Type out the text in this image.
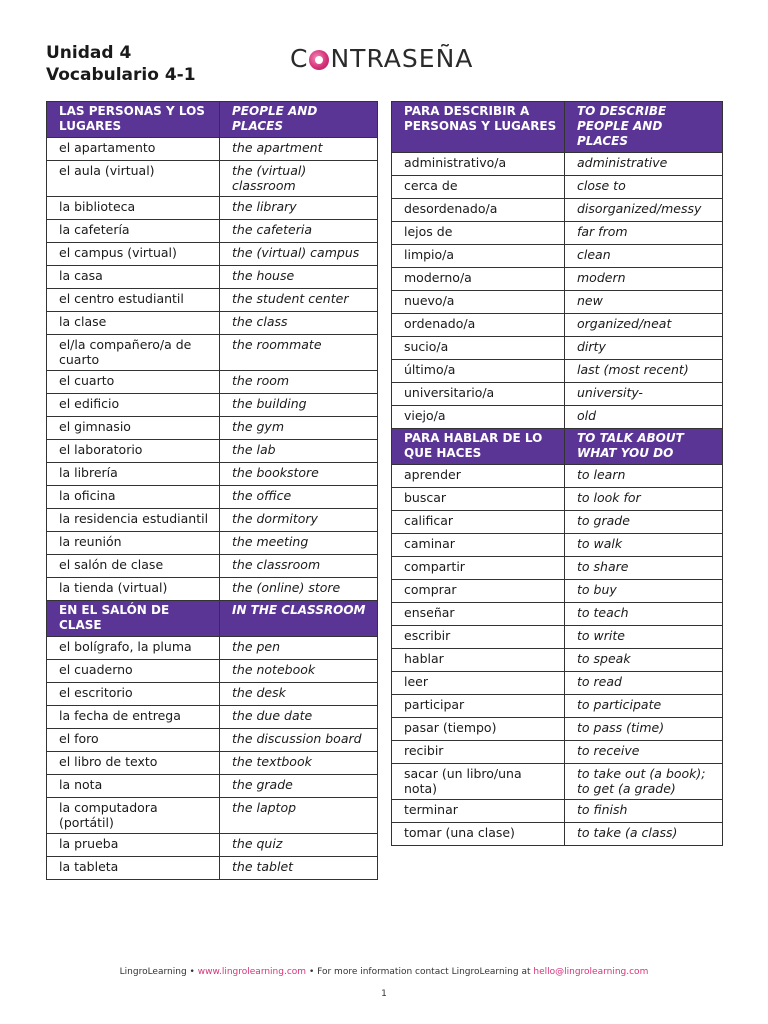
Unidad 4
Vocabulario 4-1
C NTRASEÑA
LAS PERSONAS Y LOS LUGARES	PEOPLE AND PLACES
el apartamento	the apartment
el aula (virtual)	the (virtual) classroom
la biblioteca	the library
la cafetería	the cafeteria
el campus (virtual)	the (virtual) campus
la casa	the house
el centro estudiantil	the student center
la clase	the class
el/la compañero/a de cuarto	the roommate
el cuarto	the room
el edificio	the building
el gimnasio	the gym
el laboratorio	the lab
la librería	the bookstore
la oficina	the office
la residencia estudiantil	the dormitory
la reunión	the meeting
el salón de clase	the classroom
la tienda (virtual)	the (online) store
EN EL SALÓN DE CLASE	IN THE CLASSROOM
el bolígrafo, la pluma	the pen
el cuaderno	the notebook
el escritorio	the desk
la fecha de entrega	the due date
el foro	the discussion board
el libro de texto	the textbook
la nota	the grade
la computadora (portátil)	the laptop
la prueba	the quiz
la tableta	the tablet
PARA DESCRIBIR A PERSONAS Y LUGARES	TO DESCRIBE PEOPLE AND PLACES
administrativo/a	administrative
cerca de	close to
desordenado/a	disorganized/messy
lejos de	far from
limpio/a	clean
moderno/a	modern
nuevo/a	new
ordenado/a	organized/neat
sucio/a	dirty
último/a	last (most recent)
universitario/a	university-
viejo/a	old
PARA HABLAR DE LO QUE HACES	TO TALK ABOUT WHAT YOU DO
aprender	to learn
buscar	to look for
calificar	to grade
caminar	to walk
compartir	to share
comprar	to buy
enseñar	to teach
escribir	to write
hablar	to speak
leer	to read
participar	to participate
pasar (tiempo)	to pass (time)
recibir	to receive
sacar (un libro/una nota)	to take out (a book); to get (a grade)
terminar	to finish
tomar (una clase)	to take (a class)
LingroLearning • www.lingrolearning.com • For more information contact LingroLearning at hello@lingrolearning.com
1
